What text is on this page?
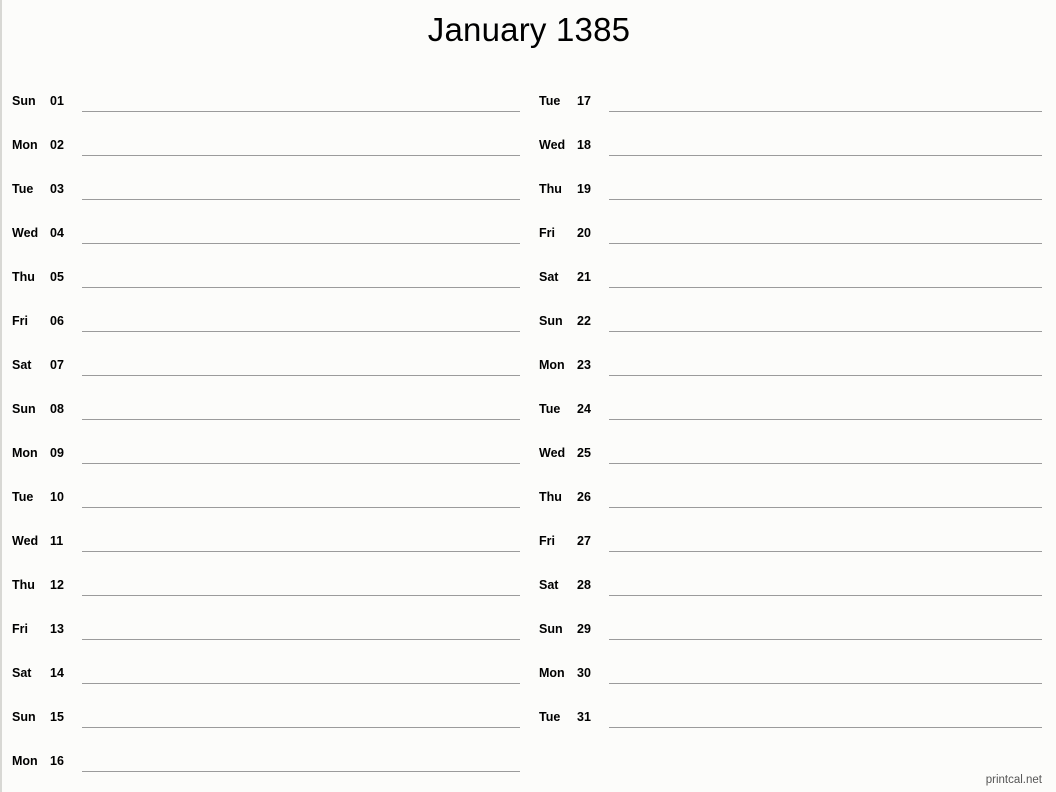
January 1385
Sun	01
Mon 02
Tue	03
Wed 04
Thu	05
Fri	06
Sat	07
Sun	08
Mon 09
Tue	10
Wed 11
Thu	12
Fri	13
Sat	14
Sun	15
Mon 16
Tue	17
Wed 18
Thu	19
Fri	20
Sat	21
Sun	22
Mon 23
Tue	24
Wed 25
Thu	26
Fri	27
Sat	28
Sun	29
Mon 30
Tue	31
printcal.net
